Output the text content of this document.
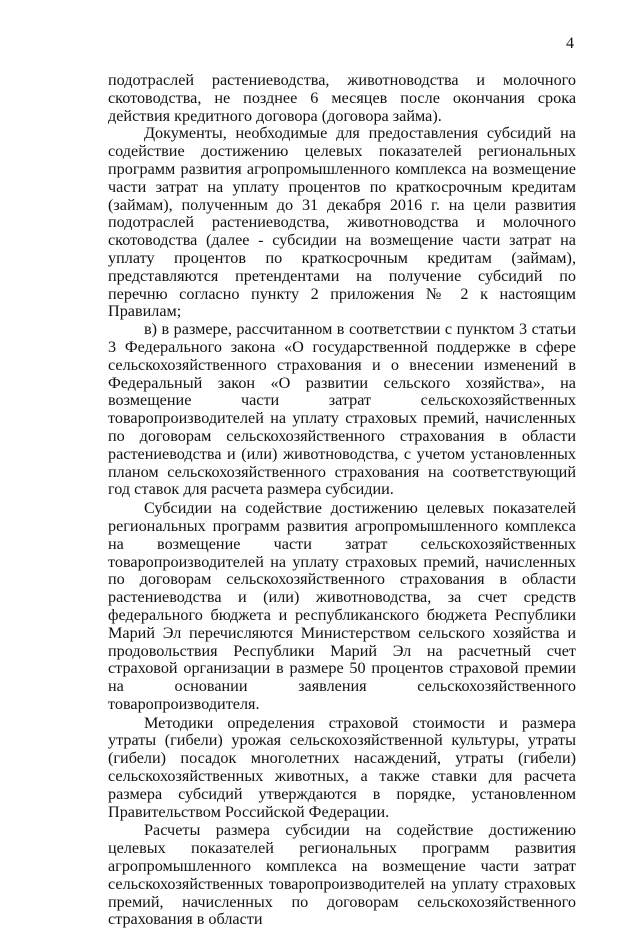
4

подотраслей растениеводства, животноводства и молочного скотоводства, не позднее 6 месяцев после окончания срока действия кредитного договора (договора займа).

Документы, необходимые для предоставления субсидий на содействие достижению целевых показателей региональных программ развития агропромышленного комплекса на возмещение части затрат на уплату процентов по краткосрочным кредитам (займам), полученным до 31 декабря 2016 г. на цели развития подотраслей растениеводства, животноводства и молочного скотоводства (далее - субсидии на возмещение части затрат на уплату процентов по краткосрочным кредитам (займам), представляются претендентами на получение субсидий по перечню согласно пункту 2 приложения № 2 к настоящим Правилам;

в) в размере, рассчитанном в соответствии с пунктом 3 статьи 3 Федерального закона «О государственной поддержке в сфере сельскохозяйственного страхования и о внесении изменений в Федеральный закон «О развитии сельского хозяйства», на возмещение части затрат сельскохозяйственных товаропроизводителей на уплату страховых премий, начисленных по договорам сельскохозяйственного страхования в области растениеводства и (или) животноводства, с учетом установленных планом сельскохозяйственного страхования на соответствующий год ставок для расчета размера субсидии.

Субсидии на содействие достижению целевых показателей региональных программ развития агропромышленного комплекса на возмещение части затрат сельскохозяйственных товаропроизводителей на уплату страховых премий, начисленных по договорам сельскохозяйственного страхования в области растениеводства и (или) животноводства, за счет средств федерального бюджета и республиканского бюджета Республики Марий Эл перечисляются Министерством сельского хозяйства и продовольствия Республики Марий Эл на расчетный счет страховой организации в размере 50 процентов страховой премии на основании заявления сельскохозяйственного товаропроизводителя.

Методики определения страховой стоимости и размера утраты (гибели) урожая сельскохозяйственной культуры, утраты (гибели) посадок многолетних насаждений, утраты (гибели) сельскохозяйственных животных, а также ставки для расчета размера субсидий утверждаются в порядке, установленном Правительством Российской Федерации.

Расчеты размера субсидии на содействие достижению целевых показателей региональных программ развития агропромышленного комплекса на возмещение части затрат сельскохозяйственных товаропроизводителей на уплату страховых премий, начисленных по договорам сельскохозяйственного страхования в области
